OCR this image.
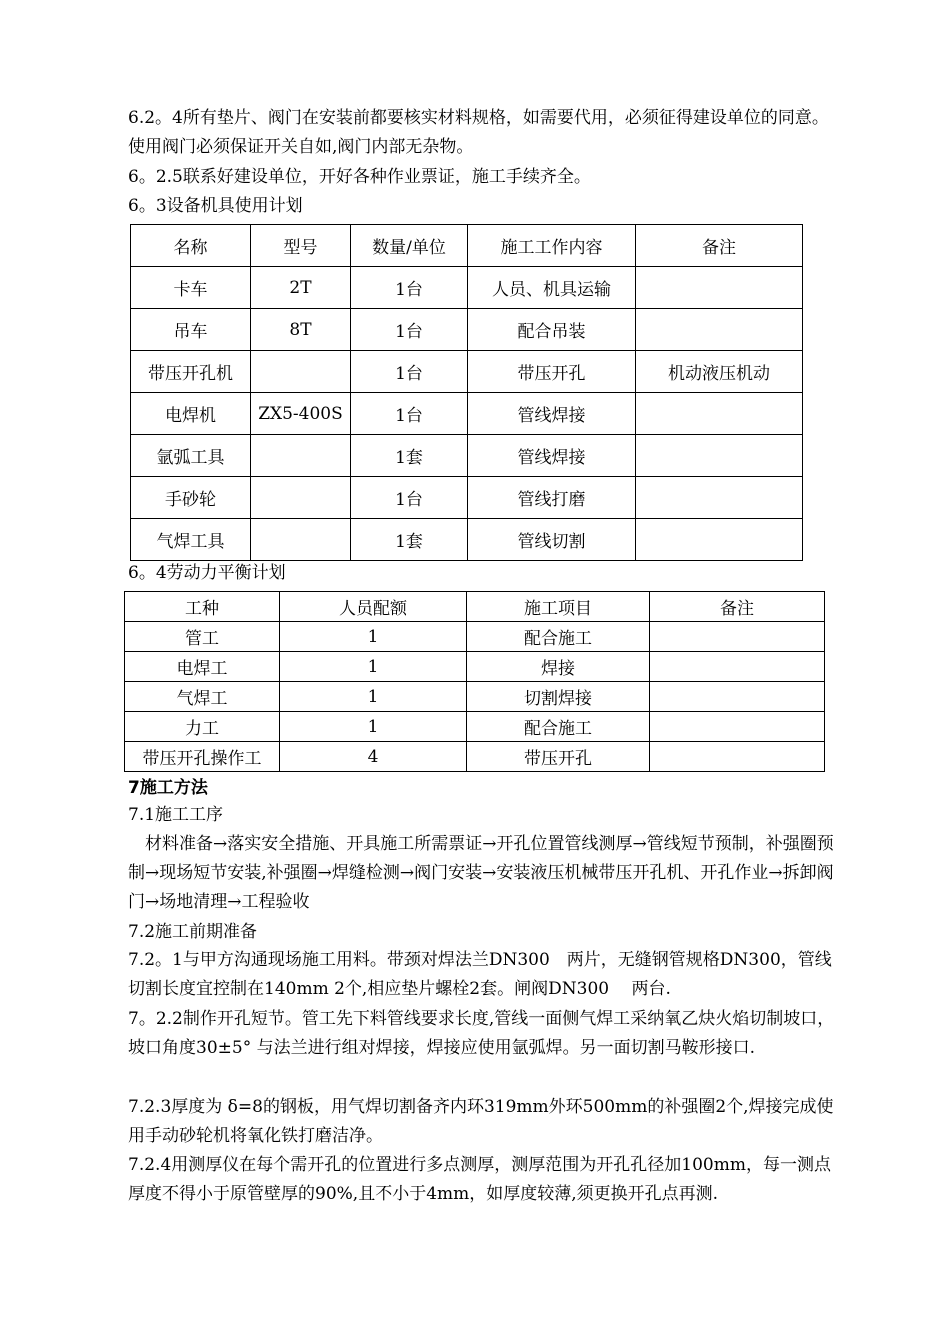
6.2。4所有垫片、阀门在安装前都要核实材料规格，如需要代用，必须征得建设单位的同意。使用阀门必须保证开关自如,阀门内部无杂物。
6。2.5联系好建设单位，开好各种作业票证，施工手续齐全。
6。3设备机具使用计划
名称	型号	数量/单位	施工工作内容	备注
卡车	2T	1台	人员、机具运输	
吊车	8T	1台	配合吊装	
带压开孔机		1台	带压开孔	机动液压机动
电焊机	ZX5-400S	1台	管线焊接	
氩弧工具		1套	管线焊接	
手砂轮		1台	管线打磨	
气焊工具		1套	管线切割	
6。4劳动力平衡计划
工种	人员配额	施工项目	备注
管工	1	配合施工	
电焊工	1	焊接	
气焊工	1	切割焊接	
力工	1	配合施工	
带压开孔操作工	4	带压开孔	
7施工方法
7.1施工工序
材料准备→落实安全措施、开具施工所需票证→开孔位置管线测厚→管线短节预制，补强圈预制→现场短节安装,补强圈→焊缝检测→阀门安装→安装液压机械带压开孔机、开孔作业→拆卸阀门→场地清理→工程验收
7.2施工前期准备
7.2。1与甲方沟通现场施工用料。带颈对焊法兰DN300　两片，无缝钢管规格DN300，管线切割长度宜控制在140mm 2个,相应垫片螺栓2套。闸阀DN300　 两台.
7。2.2制作开孔短节。管工先下料管线要求长度,管线一面侧气焊工采纳氧乙炔火焰切制坡口，坡口角度30±5° 与法兰进行组对焊接，焊接应使用氩弧焊。另一面切割马鞍形接口.
7.2.3厚度为 δ=8的钢板，用气焊切割备齐内环319mm外环500mm的补强圈2个,焊接完成使用手动砂轮机将氧化铁打磨洁净。
7.2.4用测厚仪在每个需开孔的位置进行多点测厚，测厚范围为开孔孔径加100mm，每一测点厚度不得小于原管壁厚的90%,且不小于4mm，如厚度较薄,须更换开孔点再测.
